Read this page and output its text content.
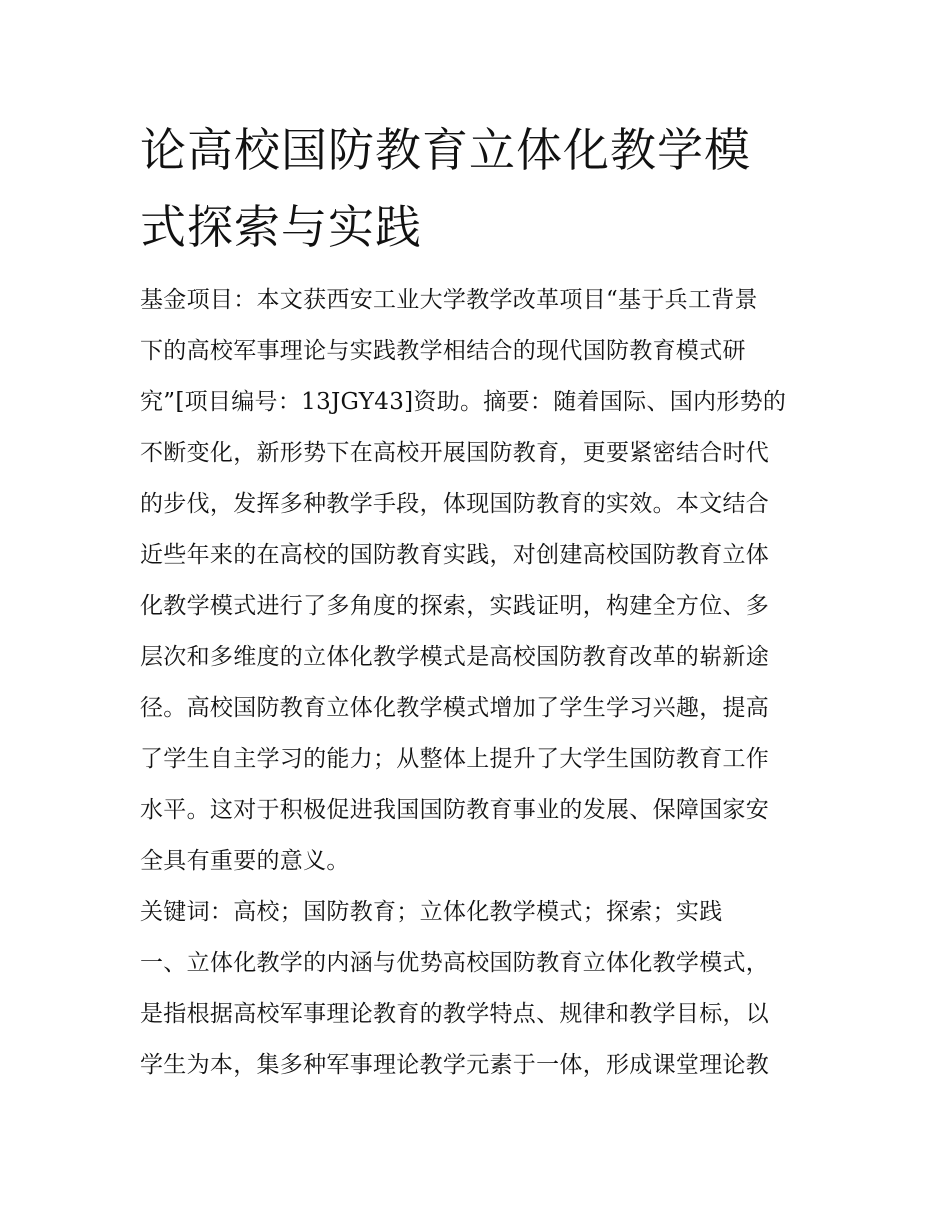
论高校国防教育立体化教学模
式探索与实践
基金项目：本文获西安工业大学教学改革项目“基于兵工背景
下的高校军事理论与实践教学相结合的现代国防教育模式研
究”[项目编号：13JGY43]资助。摘要：随着国际、国内形势的
不断变化，新形势下在高校开展国防教育，更要紧密结合时代
的步伐，发挥多种教学手段，体现国防教育的实效。本文结合
近些年来的在高校的国防教育实践，对创建高校国防教育立体
化教学模式进行了多角度的探索，实践证明，构建全方位、多
层次和多维度的立体化教学模式是高校国防教育改革的崭新途
径。高校国防教育立体化教学模式增加了学生学习兴趣，提高
了学生自主学习的能力；从整体上提升了大学生国防教育工作
水平。这对于积极促进我国国防教育事业的发展、保障国家安
全具有重要的意义。
关键词：高校；国防教育；立体化教学模式；探索；实践
一、立体化教学的内涵与优势高校国防教育立体化教学模式，
是指根据高校军事理论教育的教学特点、规律和教学目标，以
学生为本，集多种军事理论教学元素于一体，形成课堂理论教
